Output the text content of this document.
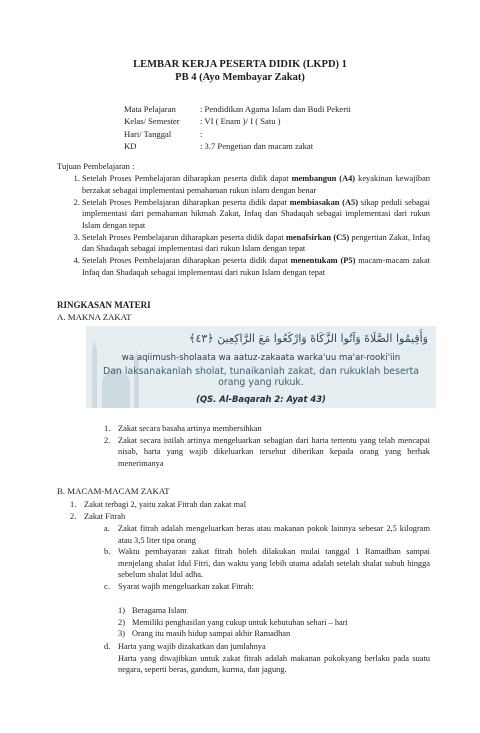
LEMBAR KERJA PESERTA DIDIK (LKPD) 1
PB 4 (Ayo Membayar Zakat)
Mata Pelajaran	: Pendidikan Agama Islam dan Budi Pekerti
Kelas/ Semester	: VI ( Enam )/ I ( Satu )
Hari/ Tanggal	:
KD	: 3.7 Pengetian dan macam zakat
Tujuan Pembelajaran :
1. Setelah Proses Pembelajaran diharapkan peserta didik dapat membangun (A4) keyakinan kewajiban berzakat sebagai implementasi pemahaman rukun islam dengan benar
2. Setelah Proses Pembelajaran diharapkan peserta didik dapat membiasakan (A5) sikap peduli sebagai implementasi dari pemahaman hikmah Zakat, Infaq dan Shadaqah sebagai implementasi dari rukun Islam dengan tepat
3. Setelah Proses Pembelajaran diharapkan peserta didik dapat menafsirkan (C5) pengertian Zakat, Infaq dan Shadaqah sebagai implementasi dari rukun Islam dengan tepat
4. Setelah Proses Pembelajaran diharapkan peserta didik dapat menentukam (P5) macam-macam zakat Infaq dan Shadaqah sebagai implementasi dari rukun Islam dengan tepat
RINGKASAN MATERI
A. MAKNA ZAKAT
وَأَقِيمُوا الصَّلَاةَ وَآتُوا الزَّكَاةَ وَارْكَعُوا مَعَ الرَّاكِعِينَ ﴿٤٣﴾
wa aqiimush-sholaata wa aatuz-zakaata warka'uu ma'ar-rooki'iin
Dan laksanakanlah sholat, tunaikanlah zakat, dan rukuklah beserta orang yang rukuk.
(QS. Al-Baqarah 2: Ayat 43)
1. Zakat secara basaha artinya membersihkan
2. Zakat secara istilah artinya mengeluarkan sebagian dari harta tertentu yang telah mencapai nisab, harta yang wajib dikeluarkan tersebut diberikan kepada orang yang berhak menerimanya
B. MACAM-MACAM ZAKAT
1. Zakat terbagi 2, yaitu zakat Fitrah dan zakat mal
2. Zakat Fitrah
a. Zakat fitrah adalah mengeluarkan beras atau makanan pokok lainnya sebesar 2,5 kilogram atau 3,5 liter tipa orang
b. Waktu pembayaran zakat fitrah boleh dilakukan mulai tanggal 1 Ramadhan sampai menjelang shalat Idul Fitri, dan waktu yang lebih utama adalah setelah shalat subuh hingga sebelum shalat Idul adha.
c. Syarat wajib mengeluarkan zakat Fitrah:
1) Beragama Islam
2) Memiliki penghasilan yang cukup untuk kebutuhan sehari – hari
3) Orang itu masih hidup sampai akhir Ramadhan
d. Harta yang wajib dizakatkan dan jumlahnya
Harta yang diwajibkan untuk zakat fitrah adalah makanan pokokyang berlaku pada suatu negara, seperti beras, gandum, kurma, dan jagung.
